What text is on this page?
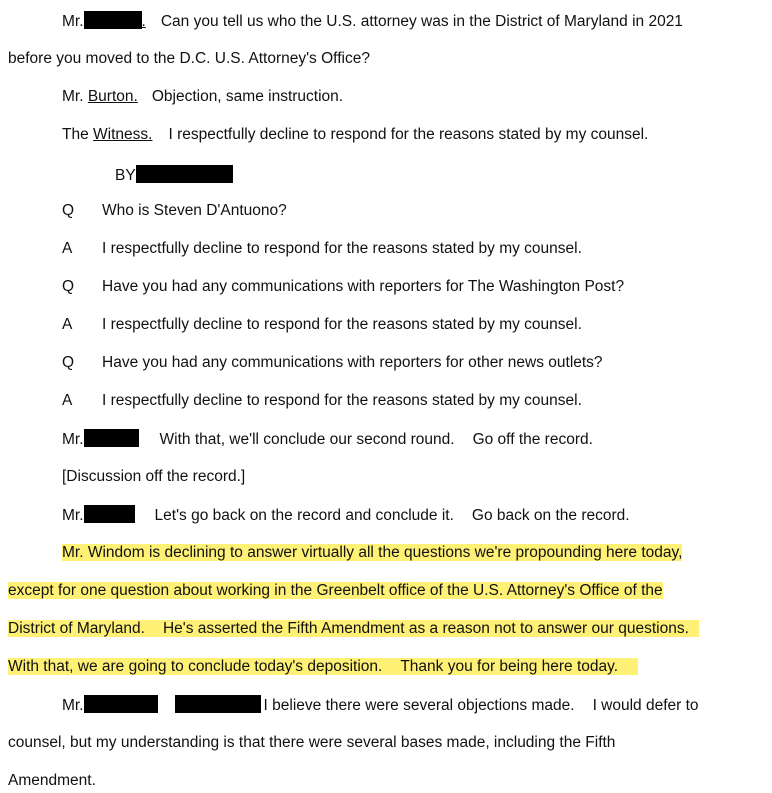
Mr.	. Can you tell us who the U.S. attorney was in the District of Maryland in 2021
before you moved to the D.C. U.S. Attorney's Office?
Mr. Burton. Objection, same instruction.
The Witness. I respectfully decline to respond for the reasons stated by my counsel.
BY
Q Who is Steven D'Antuono?
A I respectfully decline to respond for the reasons stated by my counsel.
Q Have you had any communications with reporters for The Washington Post?
A I respectfully decline to respond for the reasons stated by my counsel.
Q Have you had any communications with reporters for other news outlets?
A I respectfully decline to respond for the reasons stated by my counsel.
Mr.	With that, we'll conclude our second round. Go off the record.
[Discussion off the record.]
Mr.	Let's go back on the record and conclude it. Go back on the record.
Mr. Windom is declining to answer virtually all the questions we're propounding here today,
except for one question about working in the Greenbelt office of the U.S. Attorney's Office of the
District of Maryland. He's asserted the Fifth Amendment as a reason not to answer our questions.
With that, we are going to conclude today's deposition. Thank you for being here today.
Mr.	I believe there were several objections made. I would defer to
counsel, but my understanding is that there were several bases made, including the Fifth
Amendment.
